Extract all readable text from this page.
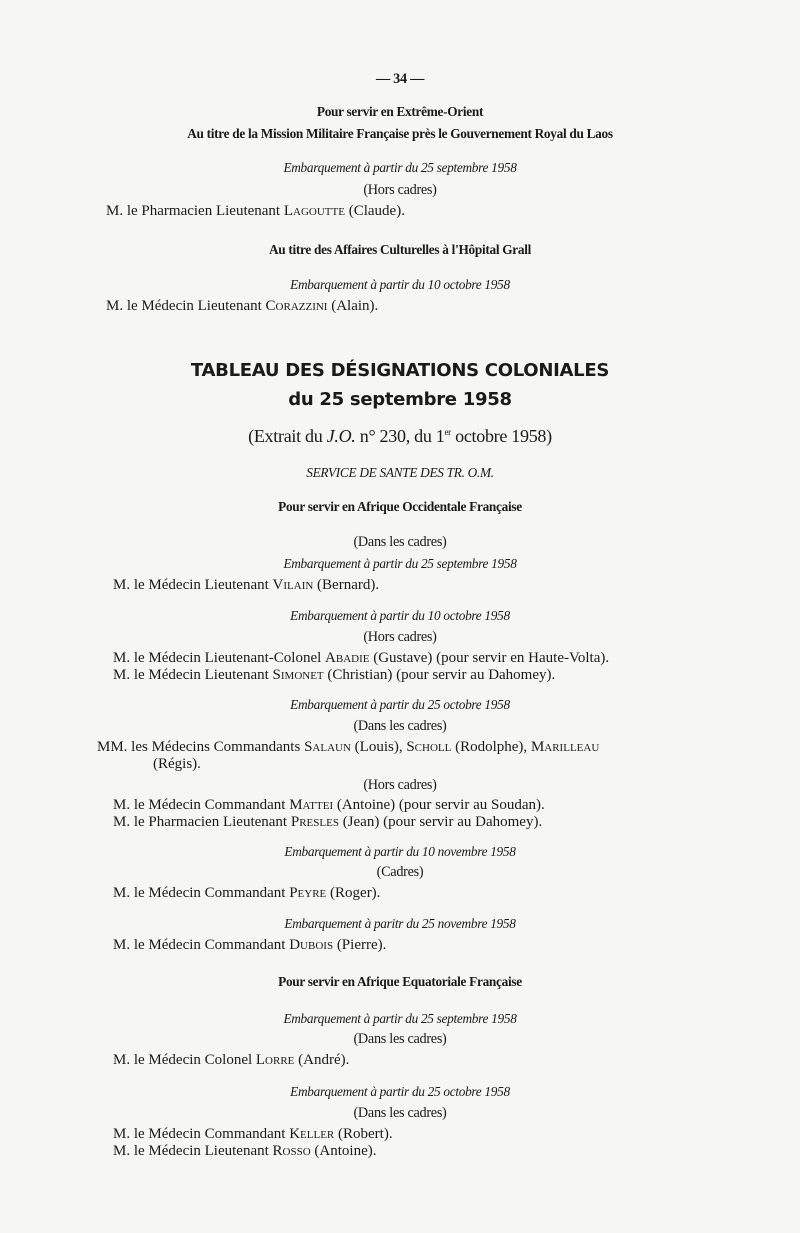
— 34 —
Pour servir en Extrême-Orient
Au titre de la Mission Militaire Française près le Gouvernement Royal du Laos
Embarquement à partir du 25 septembre 1958
(Hors cadres)
M. le Pharmacien Lieutenant Lagoutte (Claude).
Au titre des Affaires Culturelles à l'Hôpital Grall
Embarquement à partir du 10 octobre 1958
M. le Médecin Lieutenant Corazzini (Alain).
TABLEAU DES DÉSIGNATIONS COLONIALES
du 25 septembre 1958
(Extrait du J.O. n° 230, du 1er octobre 1958)
SERVICE DE SANTE DES TR. O.M.
Pour servir en Afrique Occidentale Française
(Dans les cadres)
Embarquement à partir du 25 septembre 1958
M. le Médecin Lieutenant Vilain (Bernard).
Embarquement à partir du 10 octobre 1958
(Hors cadres)
M. le Médecin Lieutenant-Colonel Abadie (Gustave) (pour servir en Haute-Volta).
M. le Médecin Lieutenant Simonet (Christian) (pour servir au Dahomey).
Embarquement à partir du 25 octobre 1958
(Dans les cadres)
MM. les Médecins Commandants Salaun (Louis), Scholl (Rodolphe), Marilleau
(Régis).
(Hors cadres)
M. le Médecin Commandant Mattei (Antoine) (pour servir au Soudan).
M. le Pharmacien Lieutenant Presles (Jean) (pour servir au Dahomey).
Embarquement à partir du 10 novembre 1958
(Cadres)
M. le Médecin Commandant Peyre (Roger).
Embarquement à paritr du 25 novembre 1958
M. le Médecin Commandant Dubois (Pierre).
Pour servir en Afrique Equatoriale Française
Embarquement à partir du 25 septembre 1958
(Dans les cadres)
M. le Médecin Colonel Lorre (André).
Embarquement à partir du 25 octobre 1958
(Dans les cadres)
M. le Médecin Commandant Keller (Robert).
M. le Médecin Lieutenant Rosso (Antoine).
